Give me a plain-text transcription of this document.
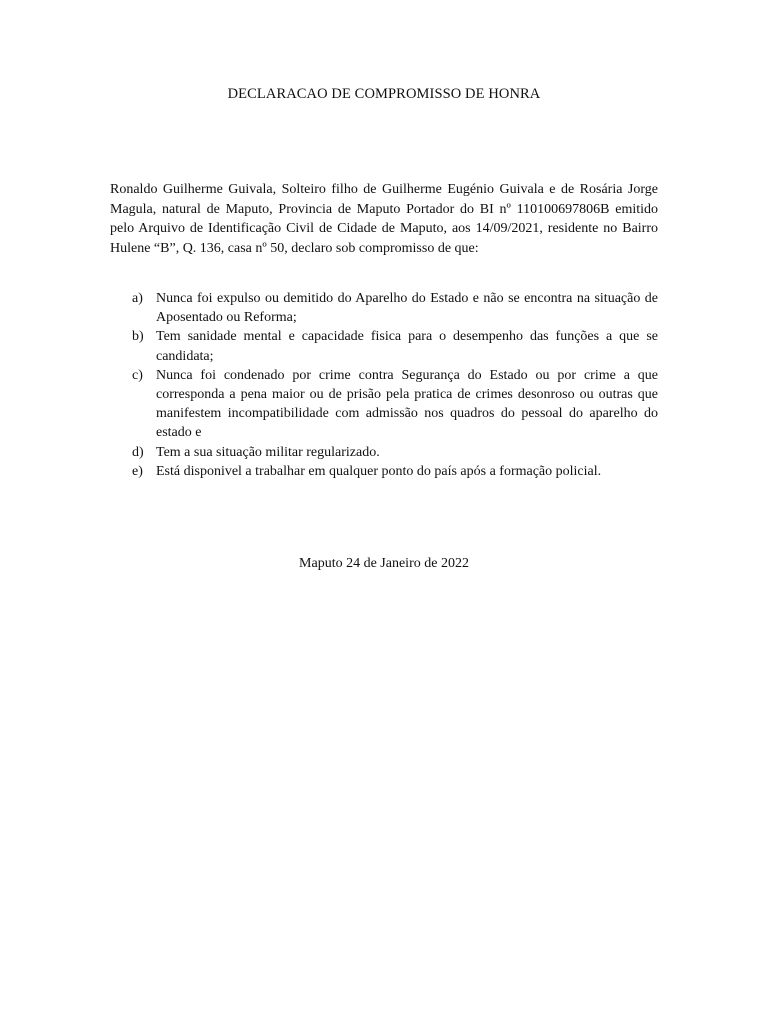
DECLARACAO DE COMPROMISSO DE HONRA

Ronaldo Guilherme Guivala, Solteiro filho de Guilherme Eugénio Guivala e de Rosária Jorge Magula, natural de Maputo, Provincia de Maputo Portador do BI nº 110100697806B emitido pelo Arquivo de Identificação Civil de Cidade de Maputo, aos 14/09/2021, residente no Bairro Hulene “B”, Q. 136, casa nº 50, declaro sob compromisso de que:

a) Nunca foi expulso ou demitido do Aparelho do Estado e não se encontra na situação de Aposentado ou Reforma;
b) Tem sanidade mental e capacidade fisica para o desempenho das funções a que se candidata;
c) Nunca foi condenado por crime contra Segurança do Estado ou por crime a que corresponda a pena maior ou de prisão pela pratica de crimes desonroso ou outras que manifestem incompatibilidade com admissão nos quadros do pessoal do aparelho do estado e
d) Tem a sua situação militar regularizado.
e) Está disponivel a trabalhar em qualquer ponto do país após a formação policial.
Maputo 24 de Janeiro de 2022
